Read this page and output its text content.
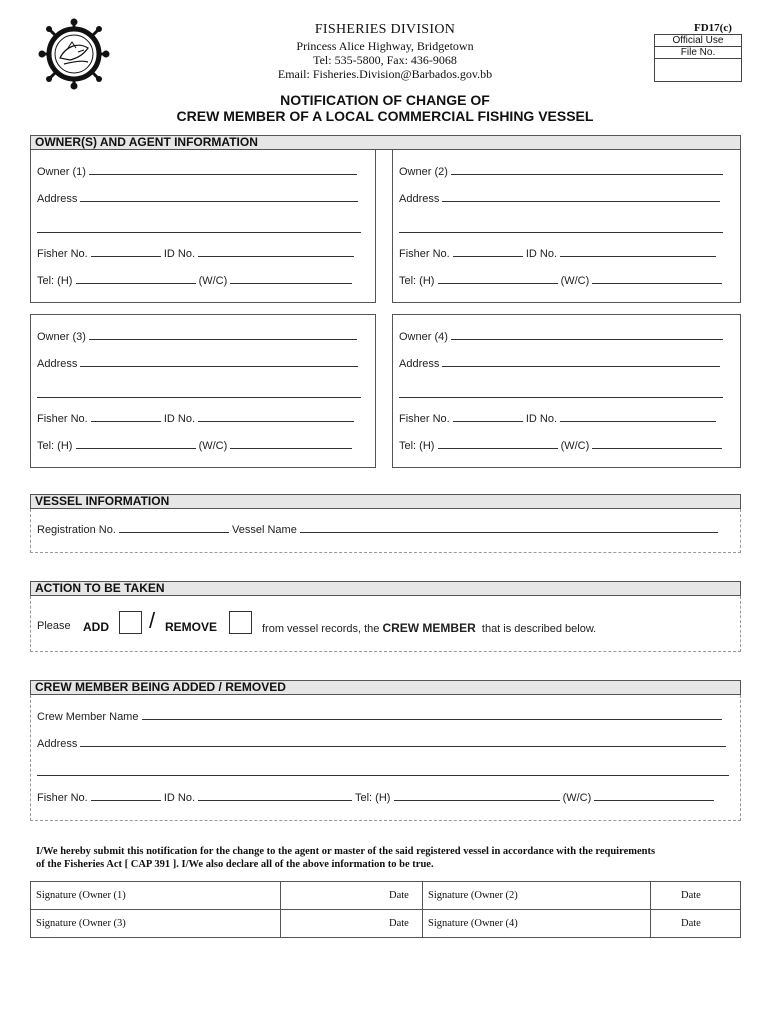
FISHERIES DIVISION
Princess Alice Highway, Bridgetown
Tel: 535-5800, Fax: 436-9068
Email: Fisheries.Division@Barbados.gov.bb
FD17(c)
Official Use
File No.
NOTIFICATION OF CHANGE OF
CREW MEMBER OF A LOCAL COMMERCIAL FISHING VESSEL
OWNER(S) AND AGENT INFORMATION
Owner (1)
Address
Fisher No.	ID No.
Tel: (H)	(W/C)
Owner (2)
Address
Fisher No.	ID No.
Tel: (H)	(W/C)
Owner (3)
Address
Fisher No.	ID No.
Tel: (H)	(W/C)
Owner (4)
Address
Fisher No.	ID No.
Tel: (H)	(W/C)
VESSEL INFORMATION
Registration No.	Vessel Name
ACTION TO BE TAKEN
Please ADD / REMOVE	from vessel records, the CREW MEMBER that is described below.
CREW MEMBER BEING ADDED / REMOVED
Crew Member Name
Address
Fisher No.	ID No.	Tel: (H)	(W/C)
I/We hereby submit this notification for the change to the agent or master of the said registered vessel in accordance with the requirements
of the Fisheries Act [ CAP 391 ]. I/We also declare all of the above information to be true.
Signature (Owner (1)	Date	Signature (Owner (2)	Date
Signature (Owner (3)	Date	Signature (Owner (4)	Date
